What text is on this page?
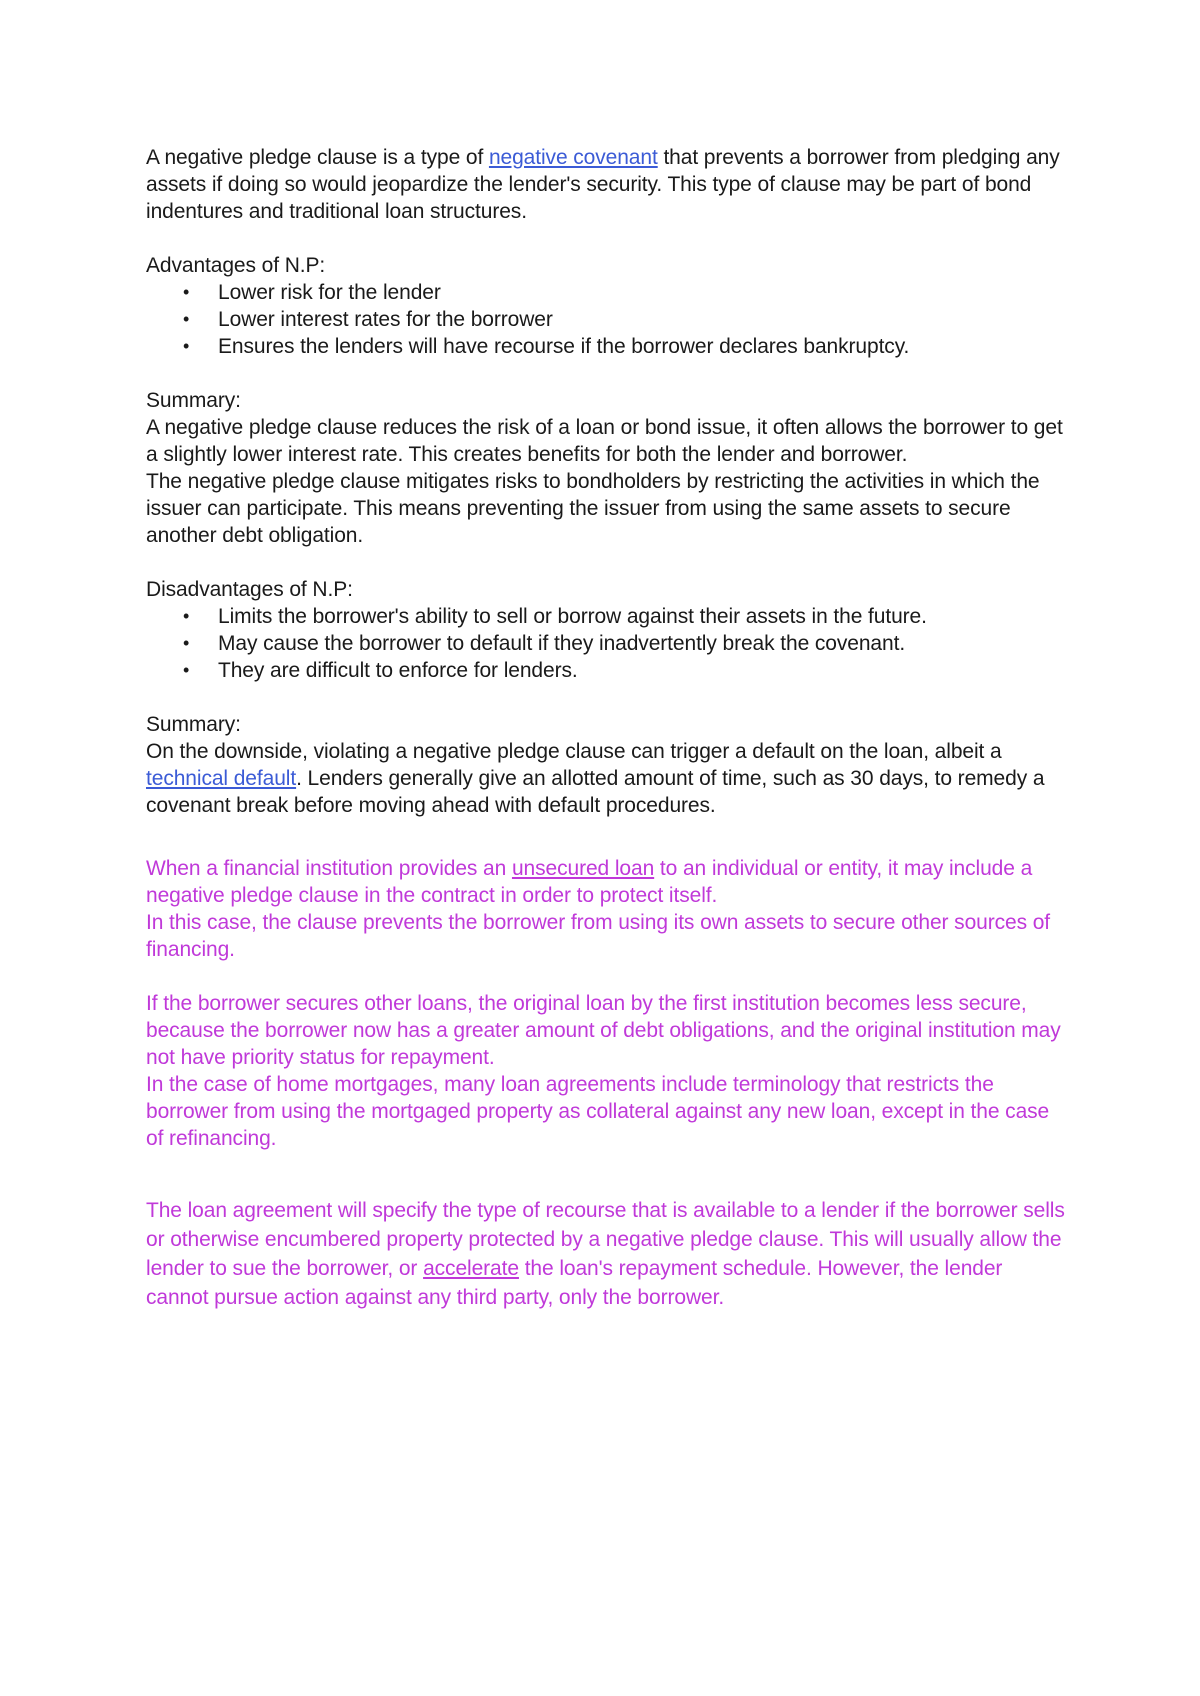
A negative pledge clause is a type of negative covenant that prevents a borrower from pledging any assets if doing so would jeopardize the lender's security. This type of clause may be part of bond indentures and traditional loan structures.

Advantages of N.P:

• Lower risk for the lender
• Lower interest rates for the borrower
• Ensures the lenders will have recourse if the borrower declares bankruptcy.

Summary:

A negative pledge clause reduces the risk of a loan or bond issue, it often allows the borrower to get a slightly lower interest rate. This creates benefits for both the lender and borrower.

The negative pledge clause mitigates risks to bondholders by restricting the activities in which the issuer can participate. This means preventing the issuer from using the same assets to secure another debt obligation.

Disadvantages of N.P:

• Limits the borrower's ability to sell or borrow against their assets in the future.
• May cause the borrower to default if they inadvertently break the covenant.
• They are difficult to enforce for lenders.

Summary:

On the downside, violating a negative pledge clause can trigger a default on the loan, albeit a technical default. Lenders generally give an allotted amount of time, such as 30 days, to remedy a covenant break before moving ahead with default procedures.

When a financial institution provides an unsecured loan to an individual or entity, it may include a negative pledge clause in the contract in order to protect itself.

In this case, the clause prevents the borrower from using its own assets to secure other sources of financing.

If the borrower secures other loans, the original loan by the first institution becomes less secure, because the borrower now has a greater amount of debt obligations, and the original institution may not have priority status for repayment.

In the case of home mortgages, many loan agreements include terminology that restricts the borrower from using the mortgaged property as collateral against any new loan, except in the case of refinancing.

The loan agreement will specify the type of recourse that is available to a lender if the borrower sells or otherwise encumbered property protected by a negative pledge clause. This will usually allow the lender to sue the borrower, or accelerate the loan's repayment schedule. However, the lender cannot pursue action against any third party, only the borrower.
